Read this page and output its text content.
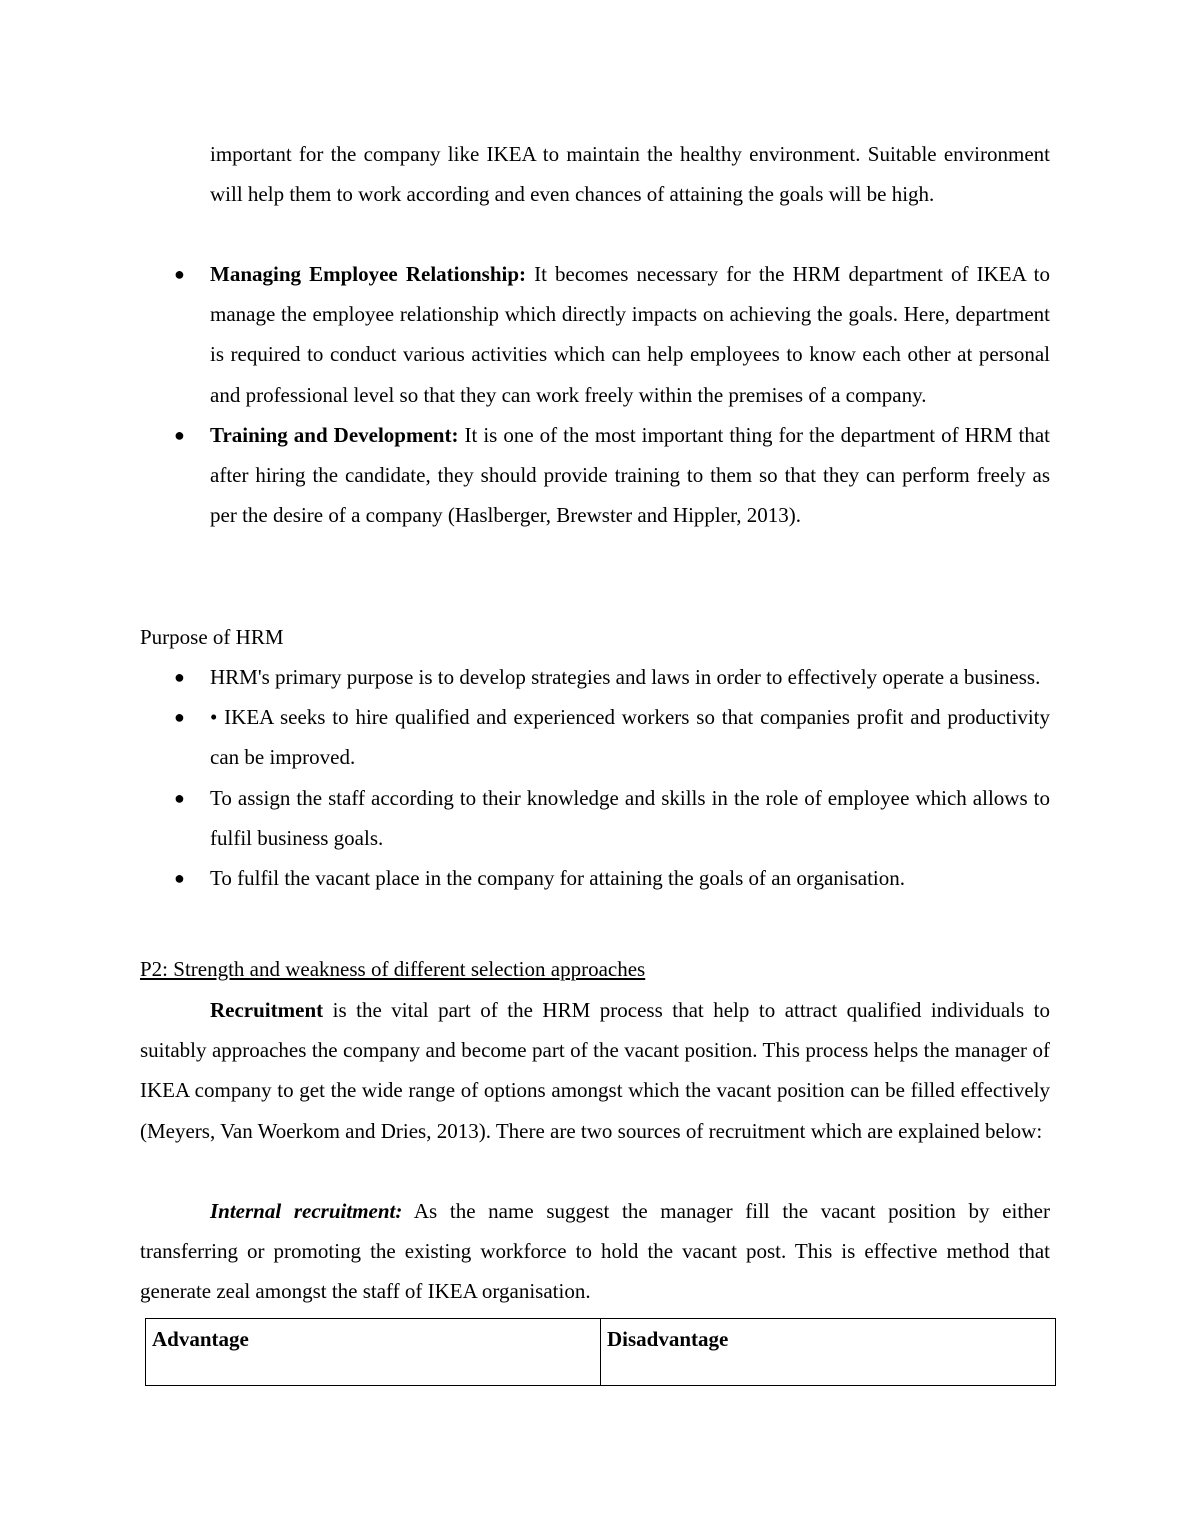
important for the company like IKEA to maintain the healthy environment. Suitable environment will help them to work according and even chances of attaining the goals will be high.

● Managing Employee Relationship: It becomes necessary for the HRM department of IKEA to manage the employee relationship which directly impacts on achieving the goals. Here, department is required to conduct various activities which can help employees to know each other at personal and professional level so that they can work freely within the premises of a company.
● Training and Development: It is one of the most important thing for the department of HRM that after hiring the candidate, they should provide training to them so that they can perform freely as per the desire of a company (Haslberger, Brewster and Hippler, 2013).

Purpose of HRM

● HRM's primary purpose is to develop strategies and laws in order to effectively operate a business.
● • IKEA seeks to hire qualified and experienced workers so that companies profit and productivity can be improved.
● To assign the staff according to their knowledge and skills in the role of employee which allows to fulfil business goals.
● To fulfil the vacant place in the company for attaining the goals of an organisation.

P2: Strength and weakness of different selection approaches

Recruitment is the vital part of the HRM process that help to attract qualified individuals to suitably approaches the company and become part of the vacant position. This process helps the manager of IKEA company to get the wide range of options amongst which the vacant position can be filled effectively (Meyers, Van Woerkom and Dries, 2013). There are two sources of recruitment which are explained below:

Internal recruitment: As the name suggest the manager fill the vacant position by either transferring or promoting the existing workforce to hold the vacant post. This is effective method that generate zeal amongst the staff of IKEA organisation.

Advantage	Disadvantage
